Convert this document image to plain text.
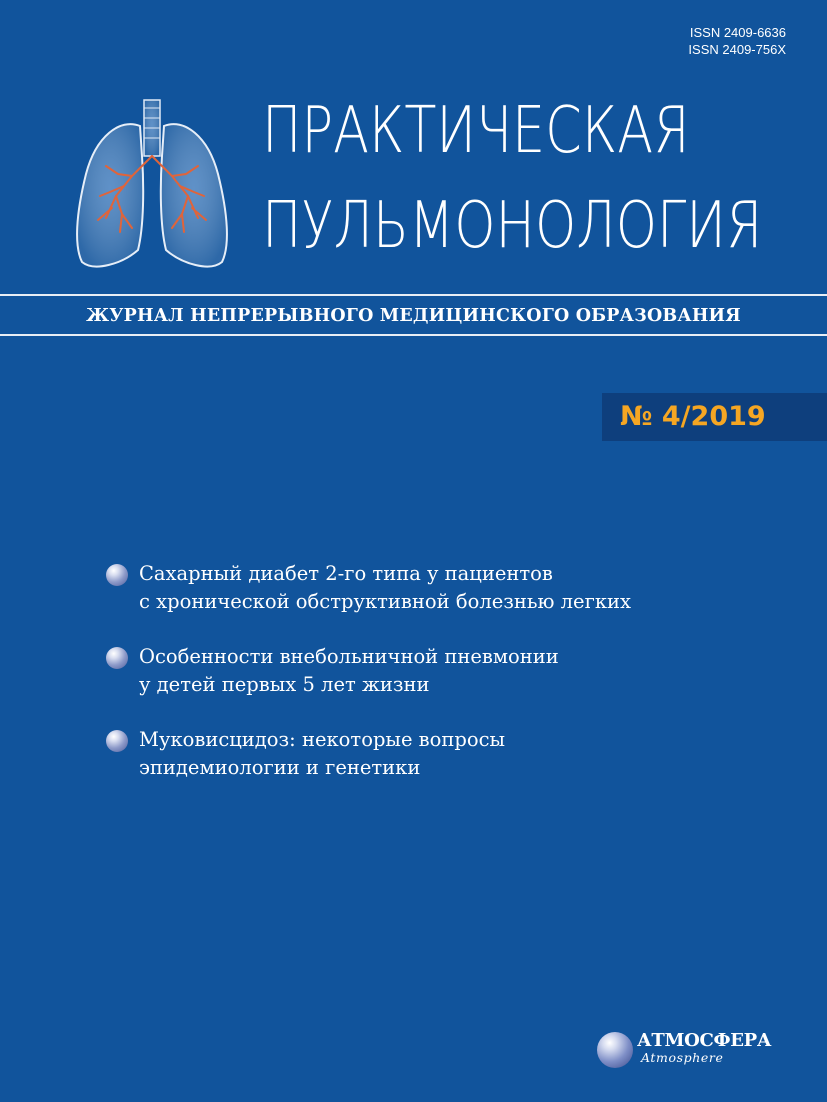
ISSN 2409-6636
ISSN 2409-756X
ПРАКТИЧЕСКАЯ
ПУЛЬМОНОЛОГИЯ
ЖУРНАЛ НЕПРЕРЫВНОГО МЕДИЦИНСКОГО ОБРАЗОВАНИЯ
№ 4/2019
Сахарный диабет 2-го типа у пациентов
с хронической обструктивной болезнью легких
Особенности внебольничной пневмонии
у детей первых 5 лет жизни
Муковисцидоз: некоторые вопросы
эпидемиологии и генетики
АТМОСФЕРА
Atmosphere
